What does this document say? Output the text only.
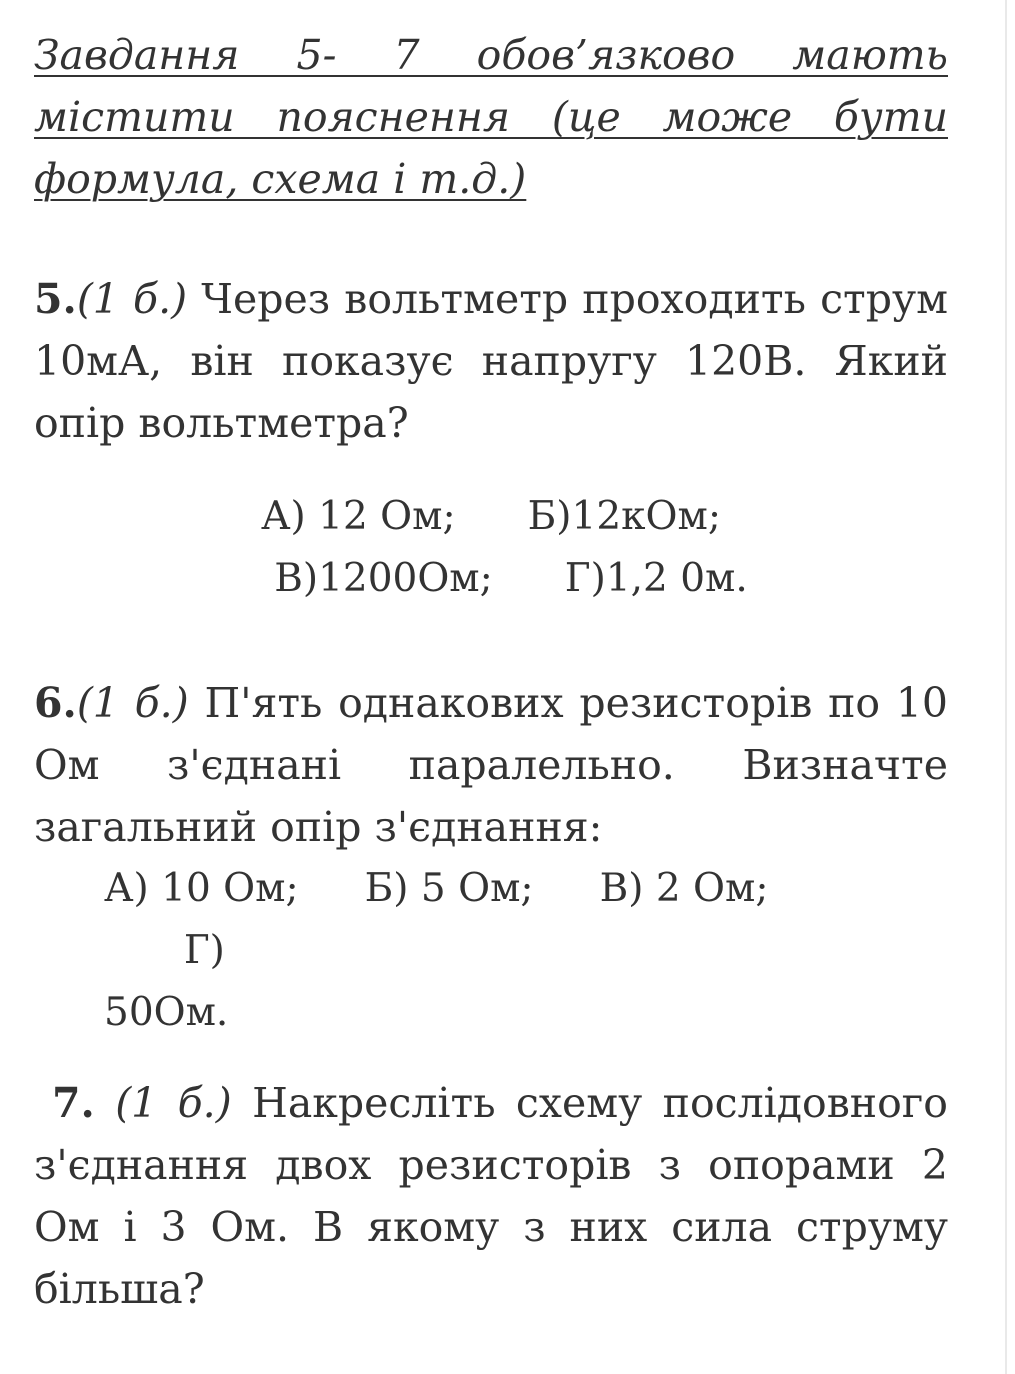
Завдання 5- 7 обов’язково мають містити пояснення (це може бути формула, схема і т.д.)

5.(1 б.) Через вольтметр проходить струм 10мА, він показує напругу 120В. Який опір вольтметра?

А) 12 Ом; Б)12кОм;

В)1200Ом; Г)1,2 0м.

6.(1 б.) П'ять однакових резисторів по 10 Ом з'єднані паралельно. Визначте загальний опір з'єднання:

А) 10 Ом; Б) 5 Ом; В) 2 Ом;Г) 50Ом.

7. (1 б.) Накресліть схему послідовного з'єднання двох резисторів з опорами 2 Ом і 3 Ом. В якому з них сила струму більша?
